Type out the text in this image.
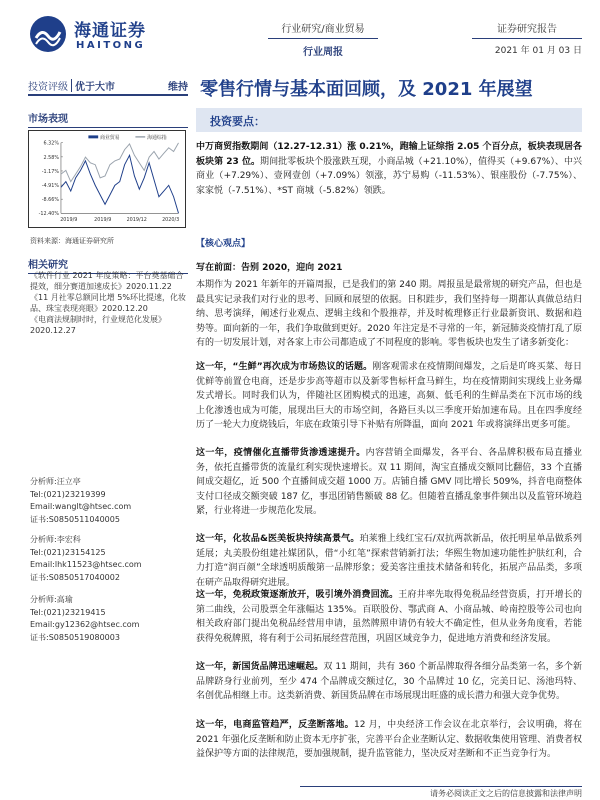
海通证券
HAITONG
行业研究/商业贸易
行业周报
证券研究报告
2021 年 01 月 03 日
投资评级 优于大市	维持 零售行情与基本面回顾，及 2021 年展望
市场表现
6.32%
2.58%
-1.17%
-4.91%
-8.66%
-12.40%
2019/9	2019/9	2019/12	2020/3
商业贸易	海通综指
资料来源：海通证券研究所
相关研究

《软件行业 2021 年度策略：平台奠基础合提效，细分赛道加速成长》2020.11.22

《11 月社零总额同比增 5%环比提速，化妆品、珠宝表现亮眼》2020.12.20

《电商法规制时时，行业规范化发展》2020.12.27

分析师:汪立亭
Tel:(021)23219399
Email:wanglt@htsec.com
证书:S0850511040005
分析师:李宏科
Tel:(021)23154125
Email:lhk11523@htsec.com
证书:S0850517040002
分析师:高瑜
Tel:(021)23219415
Email:gy12362@htsec.com
证书:S0850519080003
投资要点：
中万商贸指数期间（12.27-12.31）涨 0.21%，跑输上证综指 2.05 个百分点，板块表现居各板块第 23 位。期间批零板块个股涨跌互现，小商品城（+21.10%），值得买（+9.67%）、中兴商业（+7.29%）、壹网壹创（+7.09%）领涨，苏宁易购（-11.53%）、银座股份（-7.75%）、家家悦（-7.51%）、*ST 商城（-5.82%）领跌。
【核心观点】
写在前面：告别 2020，迎向 2021
本期作为 2021 年新年的开篇周报，已是我们的第 240 期。周报虽是最常规的研究产品，但也是最具实记录我们对行业的思考、回顾和展望的依据。日积跬步，我们坚持每一期都认真做总结归纳、思考演绎，阐述行业观点、逻辑主线和个股推荐，并及时梳理修正行业最新资讯、数据和趋势等。面向新的一年，我们争取做到更好。2020 年注定是不寻常的一年，新冠肺炎疫情打乱了原有的一切发展计划，对各家上市公司都造成了不同程度的影响。零售板块也发生了诸多新变化：
这一年，“生鲜”再次成为市场热议的话题。刚客观需求在疫情期间爆发，之后是吖咚买菜、每日优鲜等前置仓电商，还是步步高等超市以及新零售标杆盒马鲜生，均在疫情期间实现线上业务爆发式增长。同时我们认为，伴随社区团购模式的迅速，高频、低毛利的生鲜品类在下沉市场的线上化渗透也成为可能，展现出巨大的市场空间，各路巨头以三季度开始加速布局。且在四季度经历了一轮大力度烧钱后，年底在政策引导下补贴有所降温，面向 2021 年或将演绎出更多可能。
这一年，疫情催化直播带货渗透速提升。内容营销全面爆发，各平台、各品牌积极布局直播业务，依托直播带货的流量红利实现快速增长。双 11 期间，淘宝直播成交额同比翻倍，33 个直播间成交超亿，近 500 个直播间成交超 1000 万。店铺自播 GMV 同比增长 509%，抖音电商整体支付口径成交额突破 187 亿，事迅团销售额破 88 亿。但随着直播乱象事件频出以及监管环境趋紧，行业将进一步规范化发展。
这一年，化妆品&医美板块持续高景气。珀莱雅上线红宝石/双抗两款新品，依托明星单品做系列延展；丸美股份组建社媒团队，借“小红笔”探索营销新打法；华熙生物加速功能性护肤红利，合力打造“润百颜”全球透明质酸第一品牌形象；爱美客注重技术储备和转化，拓展产品品类，多项在研产品取得研究进展。
这一年，免税政策逐渐放开，吸引境外消费回流。王府井率先取得免税品经营资质，打开增长的第二曲线，公司股票全年涨幅达 135%。百联股份、鄂武商 A、小商品城、岭南控股等公司也向相关政府部门提出免税品经营用申请，虽然牌照申请仍有较大不确定性，但从业务角度看，若能获得免税牌照，将有利于公司拓展经营范围，巩固区域竞争力，促进地方消费和经济发展。
这一年，新国货品牌迅速崛起。双 11 期间，共有 360 个新品牌取得各细分品类第一名，多个新品牌跻身行业前列，至少 474 个品牌成交额过亿，30 个品牌过 10 亿，完美日记、汤池玛特、名创优品相继上市。这类新消费、新国货品牌在市场展现出旺盛的成长潜力和强大竞争优势。
这一年，电商监管趋严，反垄断落地。12 月，中央经济工作会议在北京举行，会议明确，将在 2021 年强化反垄断和防止资本无序扩张，完善平台企业垄断认定、数据收集使用管理、消费者权益保护等方面的法律规范，要加强规制，提升监管能力，坚决反对垄断和不正当竞争行为。
请务必阅读正文之后的信息披露和法律声明
